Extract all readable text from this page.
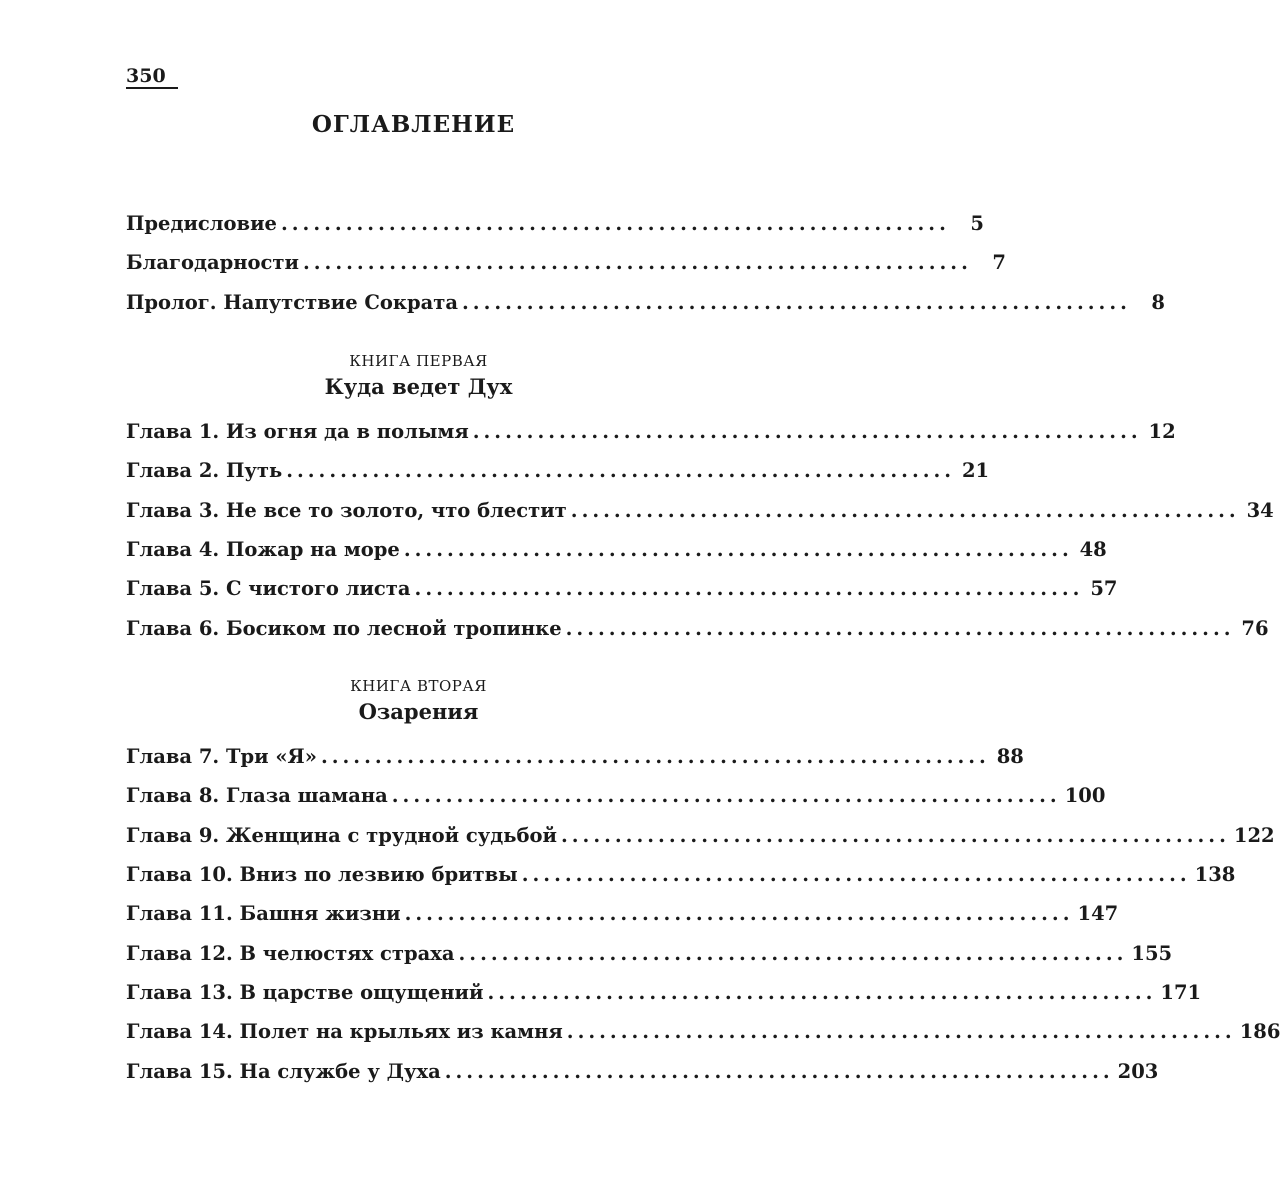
350
ОГЛАВЛЕНИЕ
Предисловие ..............................................................	5
Благодарности ..............................................................	7
Пролог. Напутствие Сократа ..............................................................	8
КНИГА ПЕРВАЯ
Куда ведет Дух
Глава 1. Из огня да в полымя .............................................................. 12
Глава 2. Путь .............................................................. 21
Глава 3. Не все то золото, что блестит .............................................................. 34
Глава 4. Пожар на море .............................................................. 48
Глава 5. С чистого листа .............................................................. 57
Глава 6. Босиком по лесной тропинке .............................................................. 76
КНИГА ВТОРАЯ
Озарения
Глава 7. Три «Я» .............................................................. 88
Глава 8. Глаза шамана .............................................................. 100
Глава 9. Женщина с трудной судьбой .............................................................. 122
Глава 10. Вниз по лезвию бритвы .............................................................. 138
Глава 11. Башня жизни .............................................................. 147
Глава 12. В челюстях страха .............................................................. 155
Глава 13. В царстве ощущений .............................................................. 171
Глава 14. Полет на крыльях из камня .............................................................. 186
Глава 15. На службе у Духа .............................................................. 203
